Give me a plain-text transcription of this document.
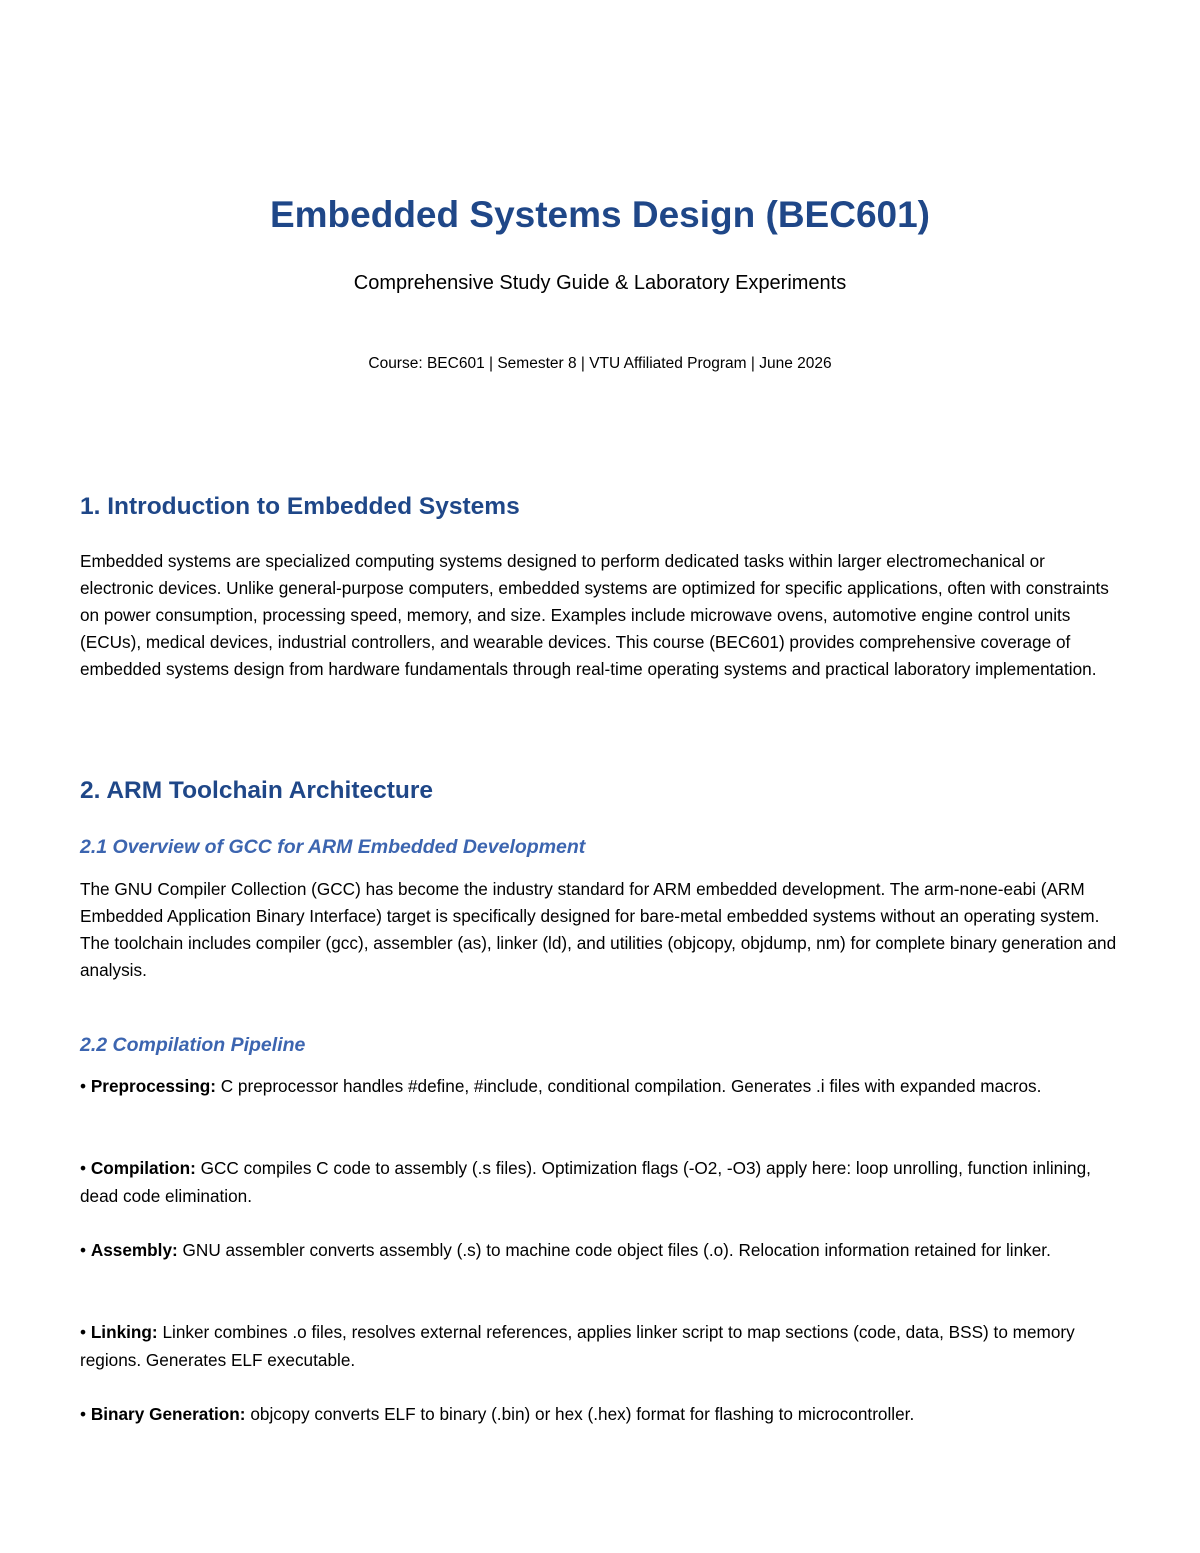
Embedded Systems Design (BEC601)

Comprehensive Study Guide & Laboratory Experiments

Course: BEC601 | Semester 8 | VTU Affiliated Program | June 2026

1. Introduction to Embedded Systems

Embedded systems are specialized computing systems designed to perform dedicated tasks within larger electromechanical or electronic devices. Unlike general-purpose computers, embedded systems are optimized for specific applications, often with constraints on power consumption, processing speed, memory, and size. Examples include microwave ovens, automotive engine control units (ECUs), medical devices, industrial controllers, and wearable devices. This course (BEC601) provides comprehensive coverage of embedded systems design from hardware fundamentals through real-time operating systems and practical laboratory implementation.

2. ARM Toolchain Architecture
2.1 Overview of GCC for ARM Embedded Development

The GNU Compiler Collection (GCC) has become the industry standard for ARM embedded development. The arm-none-eabi (ARM Embedded Application Binary Interface) target is specifically designed for bare-metal embedded systems without an operating system. The toolchain includes compiler (gcc), assembler (as), linker (ld), and utilities (objcopy, objdump, nm) for complete binary generation and analysis.

2.2 Compilation Pipeline

• Preprocessing: C preprocessor handles #define, #include, conditional compilation. Generates .i files with expanded macros.

• Compilation: GCC compiles C code to assembly (.s files). Optimization flags (-O2, -O3) apply here: loop unrolling, function inlining, dead code elimination.

• Assembly: GNU assembler converts assembly (.s) to machine code object files (.o). Relocation information retained for linker.

• Linking: Linker combines .o files, resolves external references, applies linker script to map sections (code, data, BSS) to memory regions. Generates ELF executable.

• Binary Generation: objcopy converts ELF to binary (.bin) or hex (.hex) format for flashing to microcontroller.
